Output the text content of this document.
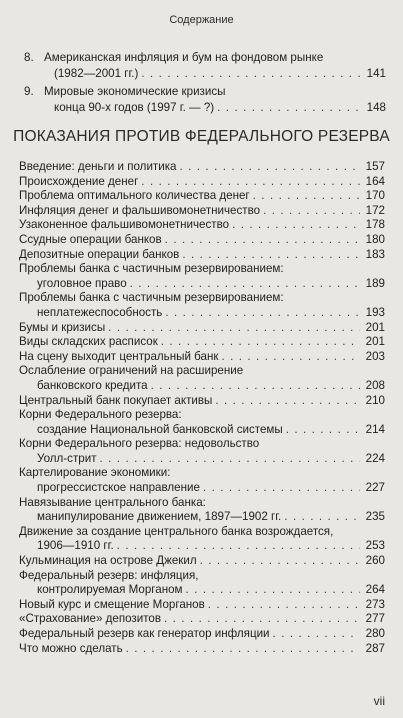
Содержание
8. Американская инфляция и бум на фондовом рынке
(1982—2001 гг.) . . .	141
9. Мировые экономические кризисы
конца 90-х годов (1997 г. — ?) . . .	148
ПОКАЗАНИЯ ПРОТИВ ФЕДЕРАЛЬНОГО РЕЗЕРВА
Введение: деньги и политика . . .	157
Происхождение денег . . .	164
Проблема оптимального количества денег . . .	170
Инфляция денег и фальшивомонетничество . . .	172
Узаконенное фальшивомонетничество . . .	178
Ссудные операции банков . . .	180
Депозитные операции банков . . .	183
Проблемы банка с частичным резервированием:
уголовное право . . .	189
Проблемы банка с частичным резервированием:
неплатежеспособность . . .	193
Бумы и кризисы . . .	201
Виды складских расписок . . .	201
На сцену выходит центральный банк . . .	203
Ослабление ограничений на расширение
банковского кредита . . .	208
Центральный банк покупает активы . . .	210
Корни Федерального резерва:
создание Национальной банковской системы . . .	214
Корни Федерального резерва: недовольство
Уолл-стрит . . .	224
Картелирование экономики:
прогрессистское направление . . .	227
Навязывание центрального банка:
манипулирование движением, 1897—1902 гг. . . .	235
Движение за создание центрального банка возрождается,
1906—1910 гг. . . .	253
Кульминация на острове Джекил . . .	260
Федеральный резерв: инфляция,
контролируемая Морганом . . .	264
Новый курс и смещение Морганов . . .	273
«Страхование» депозитов . . .	277
Федеральный резерв как генератор инфляции . . .	280
Что можно сделать . . .	287
vii
